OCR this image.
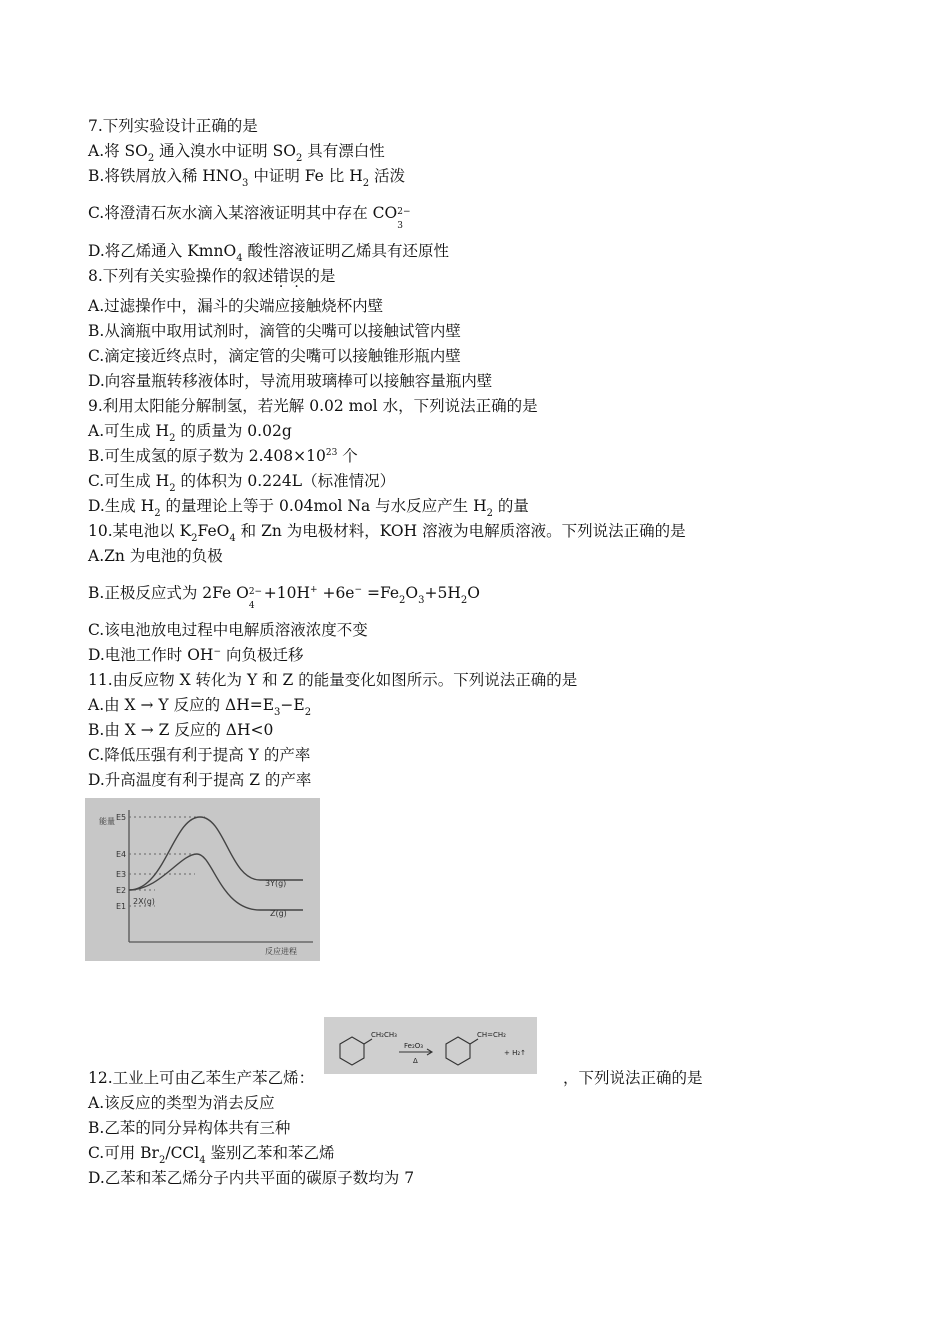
7.下列实验设计正确的是
A.将 $SO_2$ 通入溴水中证明 $SO_2$ 具有漂白性
B.将铁屑放入稀 $HNO_3$ 中证明 Fe 比 $H_2$ 活泼
C.将澄清石灰水滴入某溶液证明其中存在 CO 2−
3
D.将乙烯通入 KmnO$_4$ 酸性溶液证明乙烯具有还原性
8.下列有关实验操作的叙述错误的是
A.过滤操作中，漏斗的尖端应接触烧杯内壁
B.从滴瓶中取用试剂时，滴管的尖嘴可以接触试管内壁
C.滴定接近终点时，滴定管的尖嘴可以接触锥形瓶内壁
D.向容量瓶转移液体时，导流用玻璃棒可以接触容量瓶内壁
9.利用太阳能分解制氢，若光解 0.02 mol 水，下列说法正确的是
A.可生成 $H_2$ 的质量为 0.02g
B.可生成氢的原子数为 $2.408\times 10^{23}$ 个
C.可生成 $H_2$ 的体积为 0.224L（标准情况）
D.生成 $H_2$ 的量理论上等于 0.04mol Na 与水反应产生 $H_2$ 的量
10.某电池以 $K_2FeO_4$ 和 Zn 为电极材料，KOH 溶液为电解质溶液。下列说法正确的是
A.Zn 为电池的负极
B.正极反应式为 2Fe O 2−
4
$+10H^+ +6e^- =Fe_2O_3+5H_2O$
C.该电池放电过程中电解质溶液浓度不变
D.电池工作时 OH− 向负极迁移
11.由反应物 X 转化为 Y 和 Z 的能量变化如图所示。下列说法正确的是
A.由 X → Y 反应的 $\Delta H=E_3-E_2$
B.由 X → Z 反应的 ΔH<0
C.降低压强有利于提高 Y 的产率
D.升高温度有利于提高 Z 的产率
能量 E5
E4
E3
E2
E1
2X(g)
3Y(g)
Z(g)
反应进程
12.工业上可由乙苯生产苯乙烯：
CH₂CH₃
Fe₂O₃
Δ
CH=CH₂
+ H₂↑
，下列说法正确的是
A.该反应的类型为消去反应
B.乙苯的同分异构体共有三种
C.可用 $Br_2/CCl_4$ 鉴别乙苯和苯乙烯
D.乙苯和苯乙烯分子内共平面的碳原子数均为 7
